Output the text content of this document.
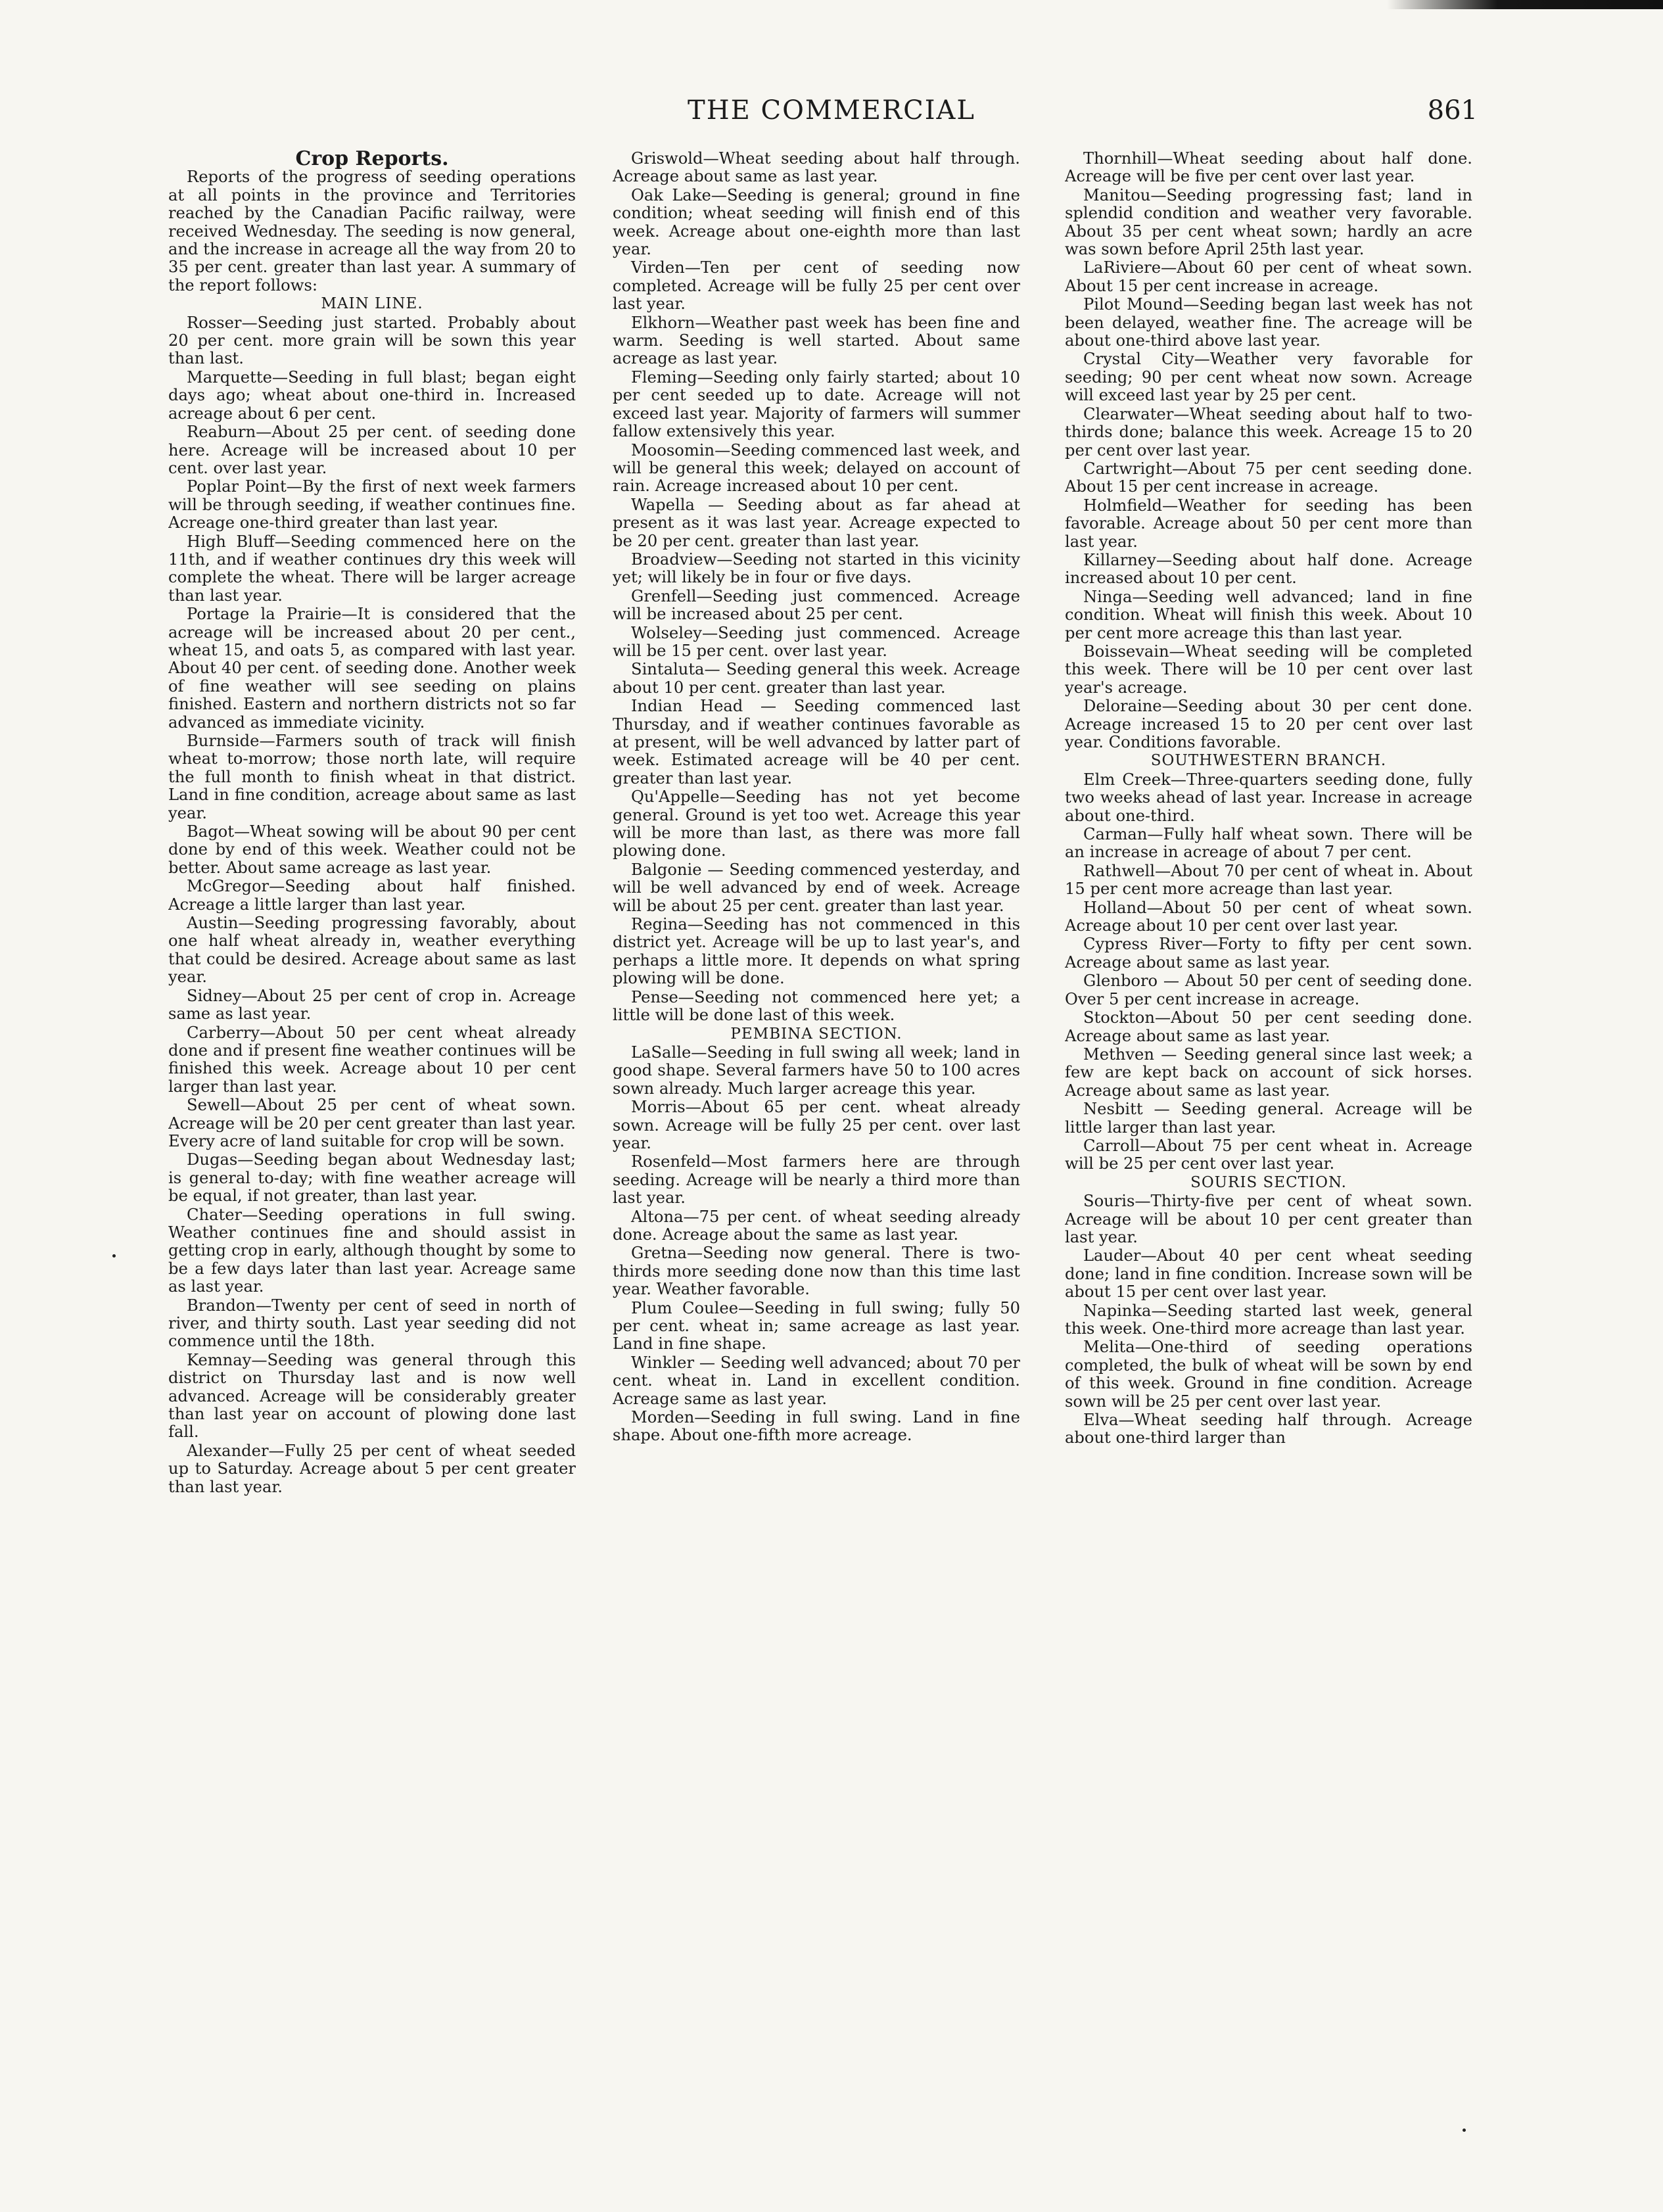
THE COMMERCIAL	861

Crop Reports.

Reports of the progress of seeding operations at all points in the province and Territories reached by the Canadian Pacific railway, were received Wednesday. The seeding is now general, and the increase in acreage all the way from 20 to 35 per cent. greater than last year. A summary of the report follows:

MAIN LINE.

Rosser—Seeding just started. Probably about 20 per cent. more grain will be sown this year than last.

Marquette—Seeding in full blast; began eight days ago; wheat about one-third in. Increased acreage about 6 per cent.

Reaburn—About 25 per cent. of seeding done here. Acreage will be increased about 10 per cent. over last year.

Poplar Point—By the first of next week farmers will be through seeding, if weather continues fine. Acreage one-third greater than last year.

High Bluff—Seeding commenced here on the 11th, and if weather continues dry this week will complete the wheat. There will be larger acreage than last year.

Portage la Prairie—It is considered that the acreage will be increased about 20 per cent., wheat 15, and oats 5, as compared with last year. About 40 per cent. of seeding done. Another week of fine weather will see seeding on plains finished. Eastern and northern districts not so far advanced as immediate vicinity.

Burnside—Farmers south of track will finish wheat to-morrow; those north late, will require the full month to finish wheat in that district. Land in fine condition, acreage about same as last year.

Bagot—Wheat sowing will be about 90 per cent done by end of this week. Weather could not be better. About same acreage as last year.

McGregor—Seeding about half finished. Acreage a little larger than last year.

Austin—Seeding progressing favorably, about one half wheat already in, weather everything that could be desired. Acreage about same as last year.

Sidney—About 25 per cent of crop in. Acreage same as last year.

Carberry—About 50 per cent wheat already done and if present fine weather continues will be finished this week. Acreage about 10 per cent larger than last year.

Sewell—About 25 per cent of wheat sown. Acreage will be 20 per cent greater than last year. Every acre of land suitable for crop will be sown.

Dugas—Seeding began about Wednesday last; is general to-day; with fine weather acreage will be equal, if not greater, than last year.

Chater—Seeding operations in full swing. Weather continues fine and should assist in getting crop in early, although thought by some to be a few days later than last year. Acreage same as last year.

Brandon—Twenty per cent of seed in north of river, and thirty south. Last year seeding did not commence until the 18th.

Kemnay—Seeding was general through this district on Thursday last and is now well advanced. Acreage will be considerably greater than last year on account of plowing done last fall.

Alexander—Fully 25 per cent of wheat seeded up to Saturday. Acreage about 5 per cent greater than last year.

Griswold—Wheat seeding about half through. Acreage about same as last year.

Oak Lake—Seeding is general; ground in fine condition; wheat seeding will finish end of this week. Acreage about one-eighth more than last year.

Virden—Ten per cent of seeding now completed. Acreage will be fully 25 per cent over last year.

Elkhorn—Weather past week has been fine and warm. Seeding is well started. About same acreage as last year.

Fleming—Seeding only fairly started; about 10 per cent seeded up to date. Acreage will not exceed last year. Majority of farmers will summer fallow extensively this year.

Moosomin—Seeding commenced last week, and will be general this week; delayed on account of rain. Acreage increased about 10 per cent.

Wapella — Seeding about as far ahead at present as it was last year. Acreage expected to be 20 per cent. greater than last year.

Broadview—Seeding not started in this vicinity yet; will likely be in four or five days.

Grenfell—Seeding just commenced. Acreage will be increased about 25 per cent.

Wolseley—Seeding just commenced. Acreage will be 15 per cent. over last year.

Sintaluta— Seeding general this week. Acreage about 10 per cent. greater than last year.

Indian Head — Seeding commenced last Thursday, and if weather continues favorable as at present, will be well advanced by latter part of week. Estimated acreage will be 40 per cent. greater than last year.

Qu'Appelle—Seeding has not yet become general. Ground is yet too wet. Acreage this year will be more than last, as there was more fall plowing done.

Balgonie — Seeding commenced yesterday, and will be well advanced by end of week. Acreage will be about 25 per cent. greater than last year.

Regina—Seeding has not commenced in this district yet. Acreage will be up to last year's, and perhaps a little more. It depends on what spring plowing will be done.

Pense—Seeding not commenced here yet; a little will be done last of this week.

PEMBINA SECTION.

LaSalle—Seeding in full swing all week; land in good shape. Several farmers have 50 to 100 acres sown already. Much larger acreage this year.

Morris—About 65 per cent. wheat already sown. Acreage will be fully 25 per cent. over last year.

Rosenfeld—Most farmers here are through seeding. Acreage will be nearly a third more than last year.

Altona—75 per cent. of wheat seeding already done. Acreage about the same as last year.

Gretna—Seeding now general. There is two-thirds more seeding done now than this time last year. Weather favorable.

Plum Coulee—Seeding in full swing; fully 50 per cent. wheat in; same acreage as last year. Land in fine shape.

Winkler — Seeding well advanced; about 70 per cent. wheat in. Land in excellent condition. Acreage same as last year.

Morden—Seeding in full swing. Land in fine shape. About one-fifth more acreage.

Thornhill—Wheat seeding about half done. Acreage will be five per cent over last year.

Manitou—Seeding progressing fast; land in splendid condition and weather very favorable. About 35 per cent wheat sown; hardly an acre was sown before April 25th last year.

LaRiviere—About 60 per cent of wheat sown. About 15 per cent increase in acreage.

Pilot Mound—Seeding began last week has not been delayed, weather fine. The acreage will be about one-third above last year.

Crystal City—Weather very favorable for seeding; 90 per cent wheat now sown. Acreage will exceed last year by 25 per cent.

Clearwater—Wheat seeding about half to two-thirds done; balance this week. Acreage 15 to 20 per cent over last year.

Cartwright—About 75 per cent seeding done. About 15 per cent increase in acreage.

Holmfield—Weather for seeding has been favorable. Acreage about 50 per cent more than last year.

Killarney—Seeding about half done. Acreage increased about 10 per cent.

Ninga—Seeding well advanced; land in fine condition. Wheat will finish this week. About 10 per cent more acreage this than last year.

Boissevain—Wheat seeding will be completed this week. There will be 10 per cent over last year's acreage.

Deloraine—Seeding about 30 per cent done. Acreage increased 15 to 20 per cent over last year. Conditions favorable.

SOUTHWESTERN BRANCH.

Elm Creek—Three-quarters seeding done, fully two weeks ahead of last year. Increase in acreage about one-third.

Carman—Fully half wheat sown. There will be an increase in acreage of about 7 per cent.

Rathwell—About 70 per cent of wheat in. About 15 per cent more acreage than last year.

Holland—About 50 per cent of wheat sown. Acreage about 10 per cent over last year.

Cypress River—Forty to fifty per cent sown. Acreage about same as last year.

Glenboro — About 50 per cent of seeding done. Over 5 per cent increase in acreage.

Stockton—About 50 per cent seeding done. Acreage about same as last year.

Methven — Seeding general since last week; a few are kept back on account of sick horses. Acreage about same as last year.

Nesbitt — Seeding general. Acreage will be little larger than last year.

Carroll—About 75 per cent wheat in. Acreage will be 25 per cent over last year.

SOURIS SECTION.

Souris—Thirty-five per cent of wheat sown. Acreage will be about 10 per cent greater than last year.

Lauder—About 40 per cent wheat seeding done; land in fine condition. Increase sown will be about 15 per cent over last year.

Napinka—Seeding started last week, general this week. One-third more acreage than last year.

Melita—One-third of seeding operations completed, the bulk of wheat will be sown by end of this week. Ground in fine condition. Acreage sown will be 25 per cent over last year.

Elva—Wheat seeding half through. Acreage about one-third larger than
